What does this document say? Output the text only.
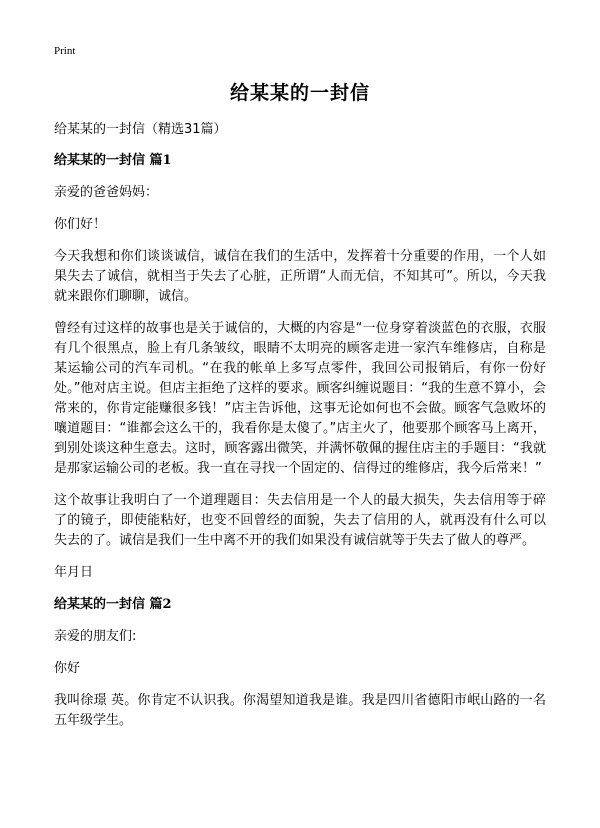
Print
给某某的一封信
给某某的一封信（精选31篇）
给某某的一封信 篇1
亲爱的爸爸妈妈：
你们好！
今天我想和你们谈谈诚信，诚信在我们的生活中，发挥着十分重要的作用，一个人如果失去了诚信，就相当于失去了心脏，正所谓“人而无信，不知其可”。所以，今天我就来跟你们聊聊，诚信。
曾经有过这样的故事也是关于诚信的，大概的内容是“一位身穿着淡蓝色的衣服，衣服有几个很黑点，脸上有几条皱纹，眼睛不太明亮的顾客走进一家汽车维修店，自称是某运输公司的汽车司机。“在我的帐单上多写点零件，我回公司报销后，有你一份好处。”他对店主说。但店主拒绝了这样的要求。顾客纠缠说题目：“我的生意不算小，会常来的，你肯定能赚很多钱！”店主告诉他，这事无论如何也不会做。顾客气急败坏的嚷道题目：“谁都会这么干的，我看你是太傻了。”店主火了，他要那个顾客马上离开，到别处谈这种生意去。这时，顾客露出微笑，并满怀敬佩的握住店主的手题目：“我就是那家运输公司的老板。我一直在寻找一个固定的、信得过的维修店，我今后常来！”
这个故事让我明白了一个道理题目：失去信用是一个人的最大损失，失去信用等于碎了的镜子，即使能粘好，也变不回曾经的面貌，失去了信用的人，就再没有什么可以失去的了。诚信是我们一生中离不开的我们如果没有诚信就等于失去了做人的尊严。
年月日
给某某的一封信 篇2
亲爱的朋友们:
你好
我叫徐璟 英。你肯定不认识我。你渴望知道我是谁。我是四川省德阳市岷山路的一名五年级学生。
